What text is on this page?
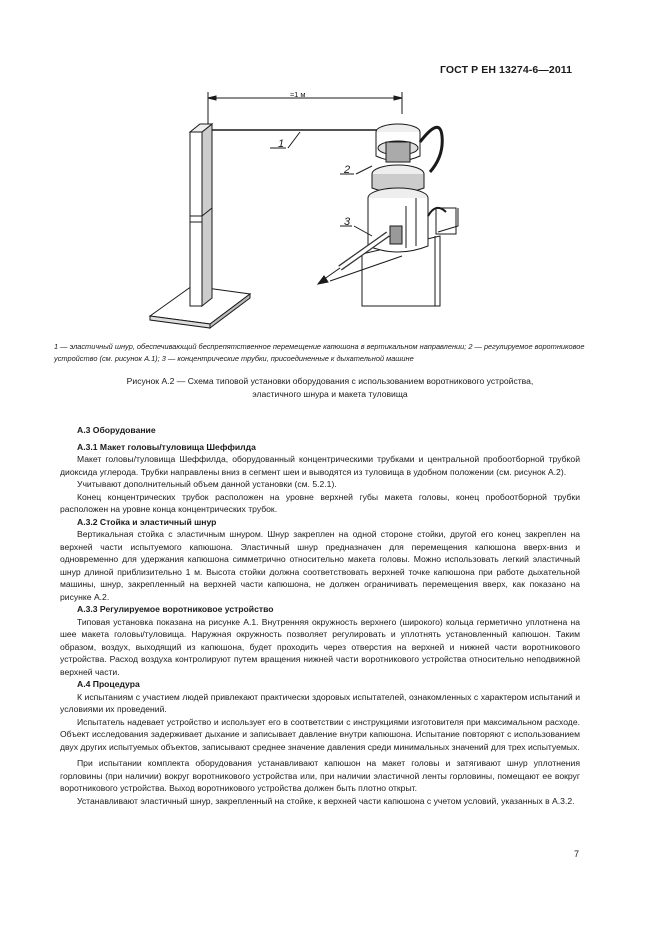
ГОСТ Р ЕН 13274-6—2011
≈1 м
1
2
3
1 — эластичный шнур, обеспечивающий беспрепятственное перемещение капюшона в вертикальном направлении; 2 — регулируемое воротниковое устройство (см. рисунок А.1); 3 — концентрические трубки, присоединенные к дыхательной машине
Рисунок А.2 — Схема типовой установки оборудования с использованием воротникового устройства,
эластичного шнура и макета туловища
А.3 Оборудование
А.3.1 Макет головы/туловища Шеффилда

Макет головы/туловища Шеффилда, оборудованный концентрическими трубками и центральной пробоотборной трубкой диоксида углерода. Трубки направлены вниз в сегмент шеи и выводятся из туловища в удобном положении (см. рисунок А.2).

Учитывают дополнительный объем данной установки (см. 5.2.1).

Конец концентрических трубок расположен на уровне верхней губы макета головы, конец пробоотборной трубки расположен на уровне конца концентрических трубок.

А.3.2 Стойка и эластичный шнур

Вертикальная стойка с эластичным шнуром. Шнур закреплен на одной стороне стойки, другой его конец закреплен на верхней части испытуемого капюшона. Эластичный шнур предназначен для перемещения капюшона вверх-вниз и одновременно для удержания капюшона симметрично относительно макета головы. Можно использовать легкий эластичный шнур длиной приблизительно 1 м. Высота стойки должна соответствовать верхней точке капюшона при работе дыхательной машины, шнур, закрепленный на верхней части капюшона, не должен ограничивать перемещения вверх, как показано на рисунке А.2.

А.3.3 Регулируемое воротниковое устройство

Типовая установка показана на рисунке А.1. Внутренняя окружность верхнего (широкого) кольца герметично уплотнена на шее макета головы/туловища. Наружная окружность позволяет регулировать и уплотнять установленный капюшон. Таким образом, воздух, выходящий из капюшона, будет проходить через отверстия на верхней и нижней части воротникового устройства. Расход воздуха контролируют путем вращения нижней части воротникового устройства относительно неподвижной верхней части.

А.4 Процедура

К испытаниям с участием людей привлекают практически здоровых испытателей, ознакомленных с характером испытаний и условиями их проведений.

Испытатель надевает устройство и использует его в соответствии с инструкциями изготовителя при максимальном расходе. Объект исследования задерживает дыхание и записывает давление внутри капюшона. Испытание повторяют с использованием двух других испытуемых объектов, записывают среднее значение давления среди минимальных значений для трех испытуемых.

При испытании комплекта оборудования устанавливают капюшон на макет головы и затягивают шнур уплотнения горловины (при наличии) вокруг воротникового устройства или, при наличии эластичной ленты горловины, помещают ее вокруг воротникового устройства. Выход воротникового устройства должен быть плотно открыт.

Устанавливают эластичный шнур, закрепленный на стойке, к верхней части капюшона с учетом условий, указанных в А.3.2.

7
